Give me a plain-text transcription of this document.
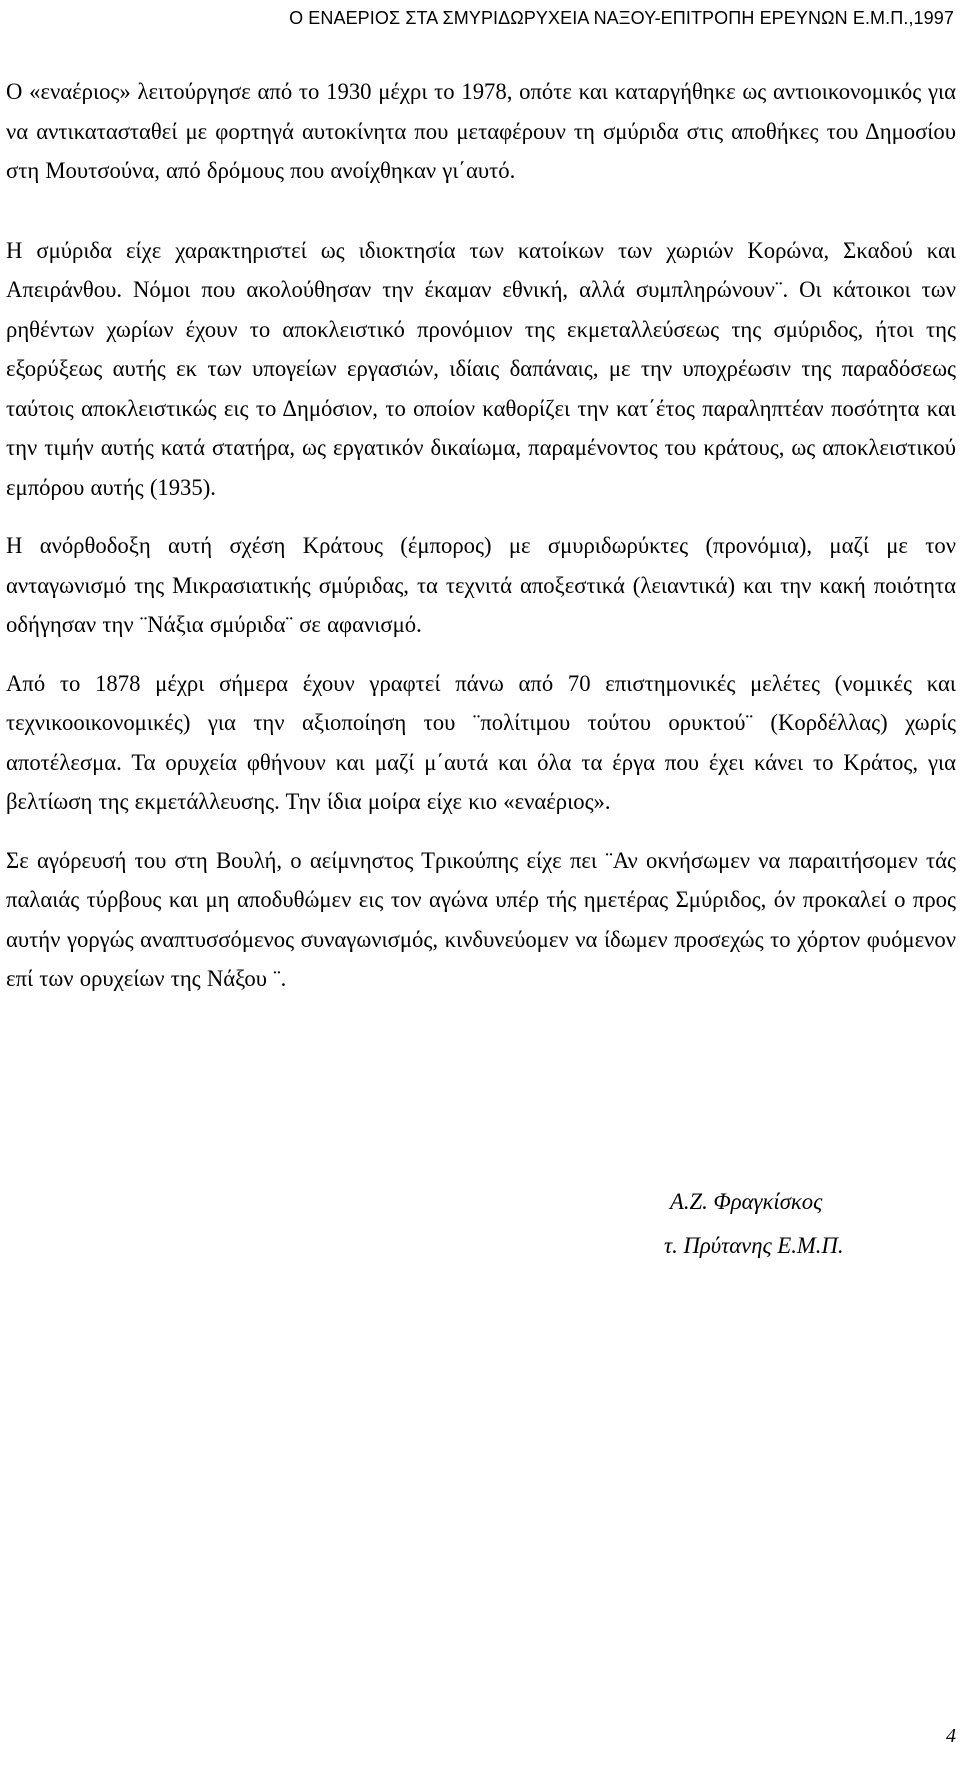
Ο ΕΝΑΕΡΙΟΣ ΣΤΑ ΣΜΥΡΙΔΩΡΥΧΕΙΑ ΝΑΞΟΥ-ΕΠΙΤΡΟΠΗ ΕΡΕΥΝΩΝ Ε.Μ.Π.,1997

Ο «εναέριος» λειτούργησε από το 1930 μέχρι το 1978, οπότε και καταργήθηκε ως αντιοικονομικός για να αντικατασταθεί με φορτηγά αυτοκίνητα που μεταφέρουν τη σμύριδα στις αποθήκες του Δημοσίου στη Μουτσούνα, από δρόμους που ανοίχθηκαν γι΄αυτό.

Η σμύριδα είχε χαρακτηριστεί ως ιδιοκτησία των κατοίκων των χωριών Κορώνα, Σκαδού και Απειράνθου. Νόμοι που ακολούθησαν την έκαμαν εθνική, αλλά συμπληρώνουν¨. Οι κάτοικοι των ρηθέντων χωρίων έχουν το αποκλειστικό προνόμιον της εκμεταλλεύσεως της σμύριδος, ήτοι της εξορύξεως αυτής εκ των υπογείων εργασιών, ιδίαις δαπάναις, με την υποχρέωσιν της παραδόσεως ταύτοις αποκλειστικώς εις το Δημόσιον, το οποίον καθορίζει την κατ΄έτος παραληπτέαν ποσότητα και την τιμήν αυτής κατά στατήρα, ως εργατικόν δικαίωμα, παραμένοντος του κράτους, ως αποκλειστικού εμπόρου αυτής (1935).

Η ανόρθοδοξη αυτή σχέση Κράτους (έμπορος) με σμυριδωρύκτες (προνόμια), μαζί με τον ανταγωνισμό της Μικρασιατικής σμύριδας, τα τεχνιτά αποξεστικά (λειαντικά) και την κακή ποιότητα οδήγησαν την ¨Νάξια σμύριδα¨ σε αφανισμό.

Από το 1878 μέχρι σήμερα έχουν γραφτεί πάνω από 70 επιστημονικές μελέτες (νομικές και τεχνικοοικονομικές) για την αξιοποίηση του ¨πολίτιμου τούτου ορυκτού¨ (Κορδέλλας) χωρίς αποτέλεσμα. Τα ορυχεία φθήνουν και μαζί μ΄αυτά και όλα τα έργα που έχει κάνει το Κράτος, για βελτίωση της εκμετάλλευσης. Την ίδια μοίρα είχε κιο «εναέριος».

Σε αγόρευσή του στη Βουλή, ο αείμνηστος Τρικούπης είχε πει ¨Αν οκνήσωμεν να παραιτήσομεν τάς παλαιάς τύρβους και μη αποδυθώμεν εις τον αγώνα υπέρ τής ημετέρας Σμύριδος, όν προκαλεί ο προς αυτήν γοργώς αναπτυσσόμενος συναγωνισμός, κινδυνεύομεν να ίδωμεν προσεχώς το χόρτον φυόμενον επί των ορυχείων της Νάξου ¨.

Α.Ζ. Φραγκίσκος
τ. Πρύτανης Ε.Μ.Π.
4
